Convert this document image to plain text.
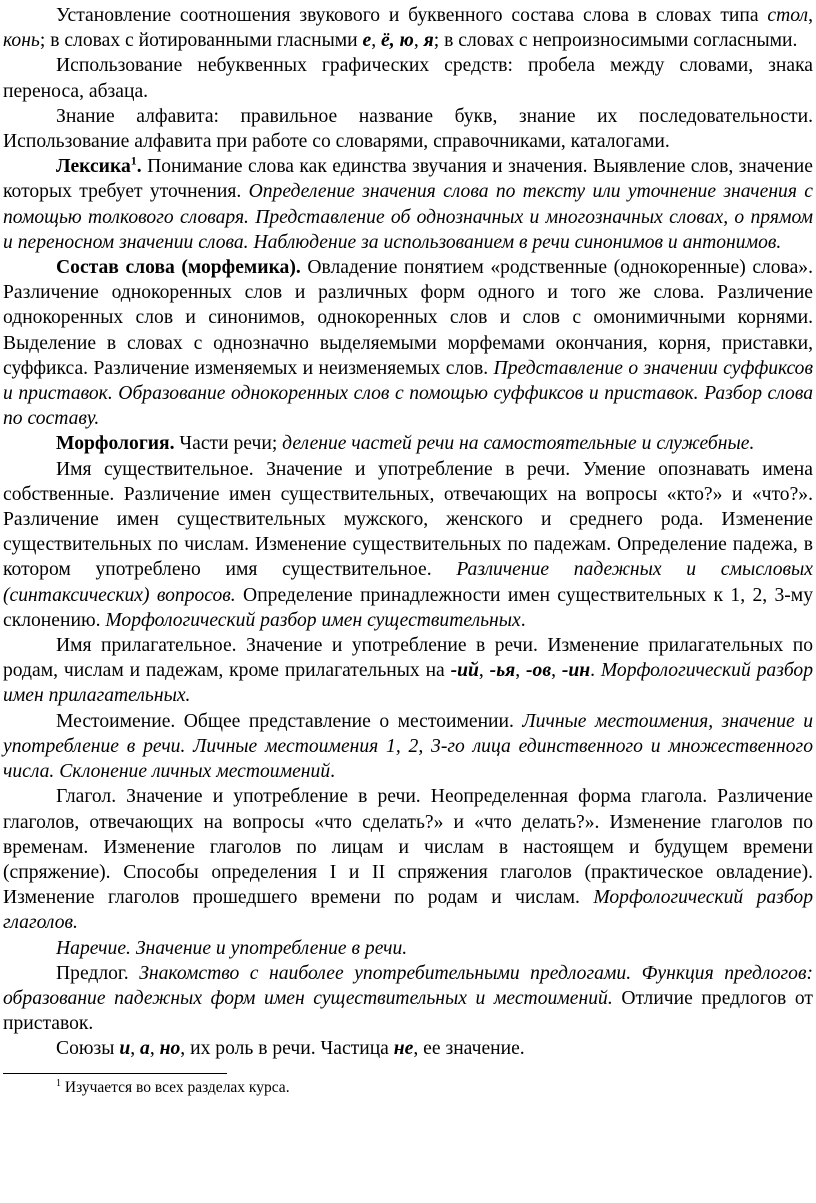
Установление соотношения звукового и буквенного состава слова в словах типа стол, конь; в словах с йотированными гласными е, ё, ю, я; в словах с непроизносимыми согласными.

Использование небуквенных графических средств: пробела между словами, знака переноса, абзаца.

Знание алфавита: правильное название букв, знание их последовательности. Использование алфавита при работе со словарями, справочниками, каталогами.

Лексика$^1$. Понимание слова как единства звучания и значения. Выявление слов, значение которых требует уточнения. Определение значения слова по тексту или уточнение значения с помощью толкового словаря. Представление об однозначных и многозначных словах, о прямом и переносном значении слова. Наблюдение за использованием в речи синонимов и антонимов.

Состав слова (морфемика). Овладение понятием «родственные (однокоренные) слова». Различение однокоренных слов и различных форм одного и того же слова. Различение однокоренных слов и синонимов, однокоренных слов и слов с омонимичными корнями. Выделение в словах с однозначно выделяемыми морфемами окончания, корня, приставки, суффикса. Различение изменяемых и неизменяемых слов. Представление о значении суффиксов и приставок. Образование однокоренных слов с помощью суффиксов и приставок. Разбор слова по составу.

Морфология. Части речи; деление частей речи на самостоятельные и служебные.

Имя существительное. Значение и употребление в речи. Умение опознавать имена собственные. Различение имен существительных, отвечающих на вопросы «кто?» и «что?». Различение имен существительных мужского, женского и среднего рода. Изменение существительных по числам. Изменение существительных по падежам. Определение падежа, в котором употреблено имя существительное. Различение падежных и смысловых (синтаксических) вопросов. Определение принадлежности имен существительных к 1, 2, 3-му склонению. Морфологический разбор имен существительных.

Имя прилагательное. Значение и употребление в речи. Изменение прилагательных по родам, числам и падежам, кроме прилагательных на -ий, -ья, -ов, -ин. Морфологический разбор имен прилагательных.

Местоимение. Общее представление о местоимении. Личные местоимения, значение и употребление в речи. Личные местоимения 1, 2, 3-го лица единственного и множественного числа. Склонение личных местоимений.

Глагол. Значение и употребление в речи. Неопределенная форма глагола. Различение глаголов, отвечающих на вопросы «что сделать?» и «что делать?». Изменение глаголов по временам. Изменение глаголов по лицам и числам в настоящем и будущем времени (спряжение). Способы определения I и II спряжения глаголов (практическое овладение). Изменение глаголов прошедшего времени по родам и числам. Морфологический разбор глаголов.

Наречие. Значение и употребление в речи.

Предлог. Знакомство с наиболее употребительными предлогами. Функция предлогов: образование падежных форм имен существительных и местоимений. Отличие предлогов от приставок.

Союзы и, а, но, их роль в речи. Частица не, ее значение.

$^1$ Изучается во всех разделах курса.
